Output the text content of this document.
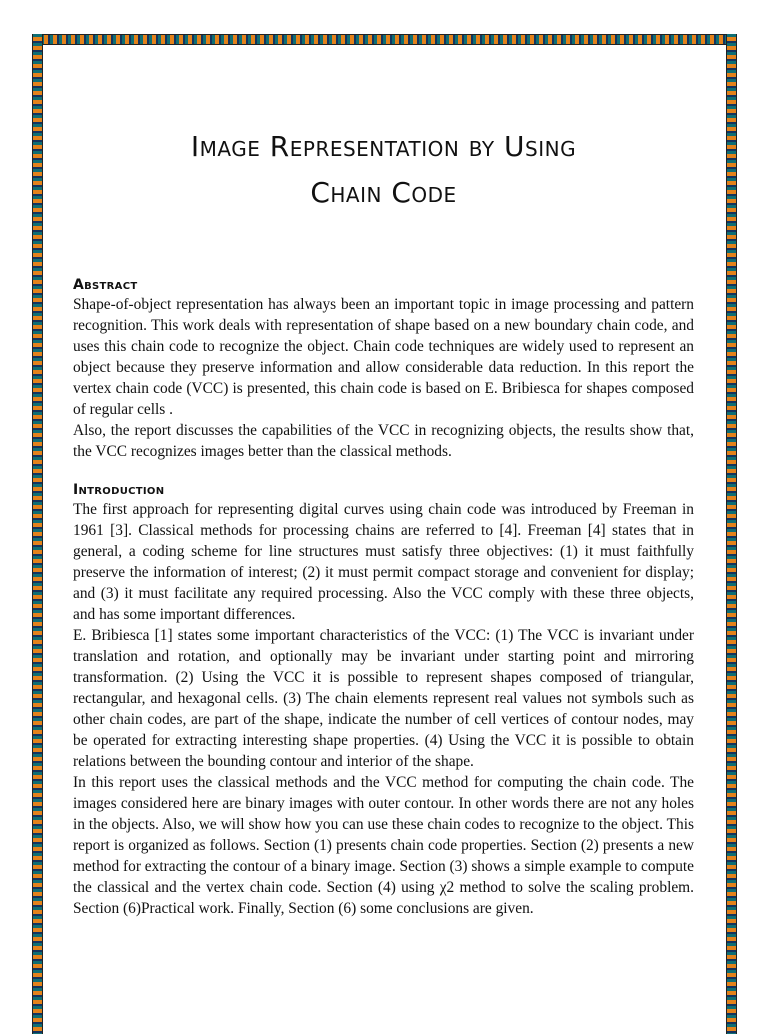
Image Representation by Using
Chain Code
Abstract

Shape-of-object representation has always been an important topic in image processing and pattern recognition. This work deals with representation of shape based on a new boundary chain code, and uses this chain code to recognize the object. Chain code techniques are widely used to represent an object because they preserve information and allow considerable data reduction. In this report the vertex chain code (VCC) is presented, this chain code is based on E. Bribiesca for shapes composed of regular cells .

Also, the report discusses the capabilities of the VCC in recognizing objects, the results show that, the VCC recognizes images better than the classical methods.

Introduction

The first approach for representing digital curves using chain code was introduced by Freeman in 1961 [3]. Classical methods for processing chains are referred to [4]. Freeman [4] states that in general, a coding scheme for line structures must satisfy three objectives: (1) it must faithfully preserve the information of interest; (2) it must permit compact storage and convenient for display; and (3) it must facilitate any required processing. Also the VCC comply with these three objects, and has some important differences.

E. Bribiesca [1] states some important characteristics of the VCC: (1) The VCC is invariant under translation and rotation, and optionally may be invariant under starting point and mirroring transformation. (2) Using the VCC it is possible to represent shapes composed of triangular, rectangular, and hexagonal cells. (3) The chain elements represent real values not symbols such as other chain codes, are part of the shape, indicate the number of cell vertices of contour nodes, may be operated for extracting interesting shape properties. (4) Using the VCC it is possible to obtain relations between the bounding contour and interior of the shape.

In this report uses the classical methods and the VCC method for computing the chain code. The images considered here are binary images with outer contour. In other words there are not any holes in the objects. Also, we will show how you can use these chain codes to recognize to the object. This report is organized as follows. Section (1) presents chain code properties. Section (2) presents a new method for extracting the contour of a binary image. Section (3) shows a simple example to compute the classical and the vertex chain code. Section (4) using χ2 method to solve the scaling problem. Section (6)Practical work. Finally, Section (6) some conclusions are given.
